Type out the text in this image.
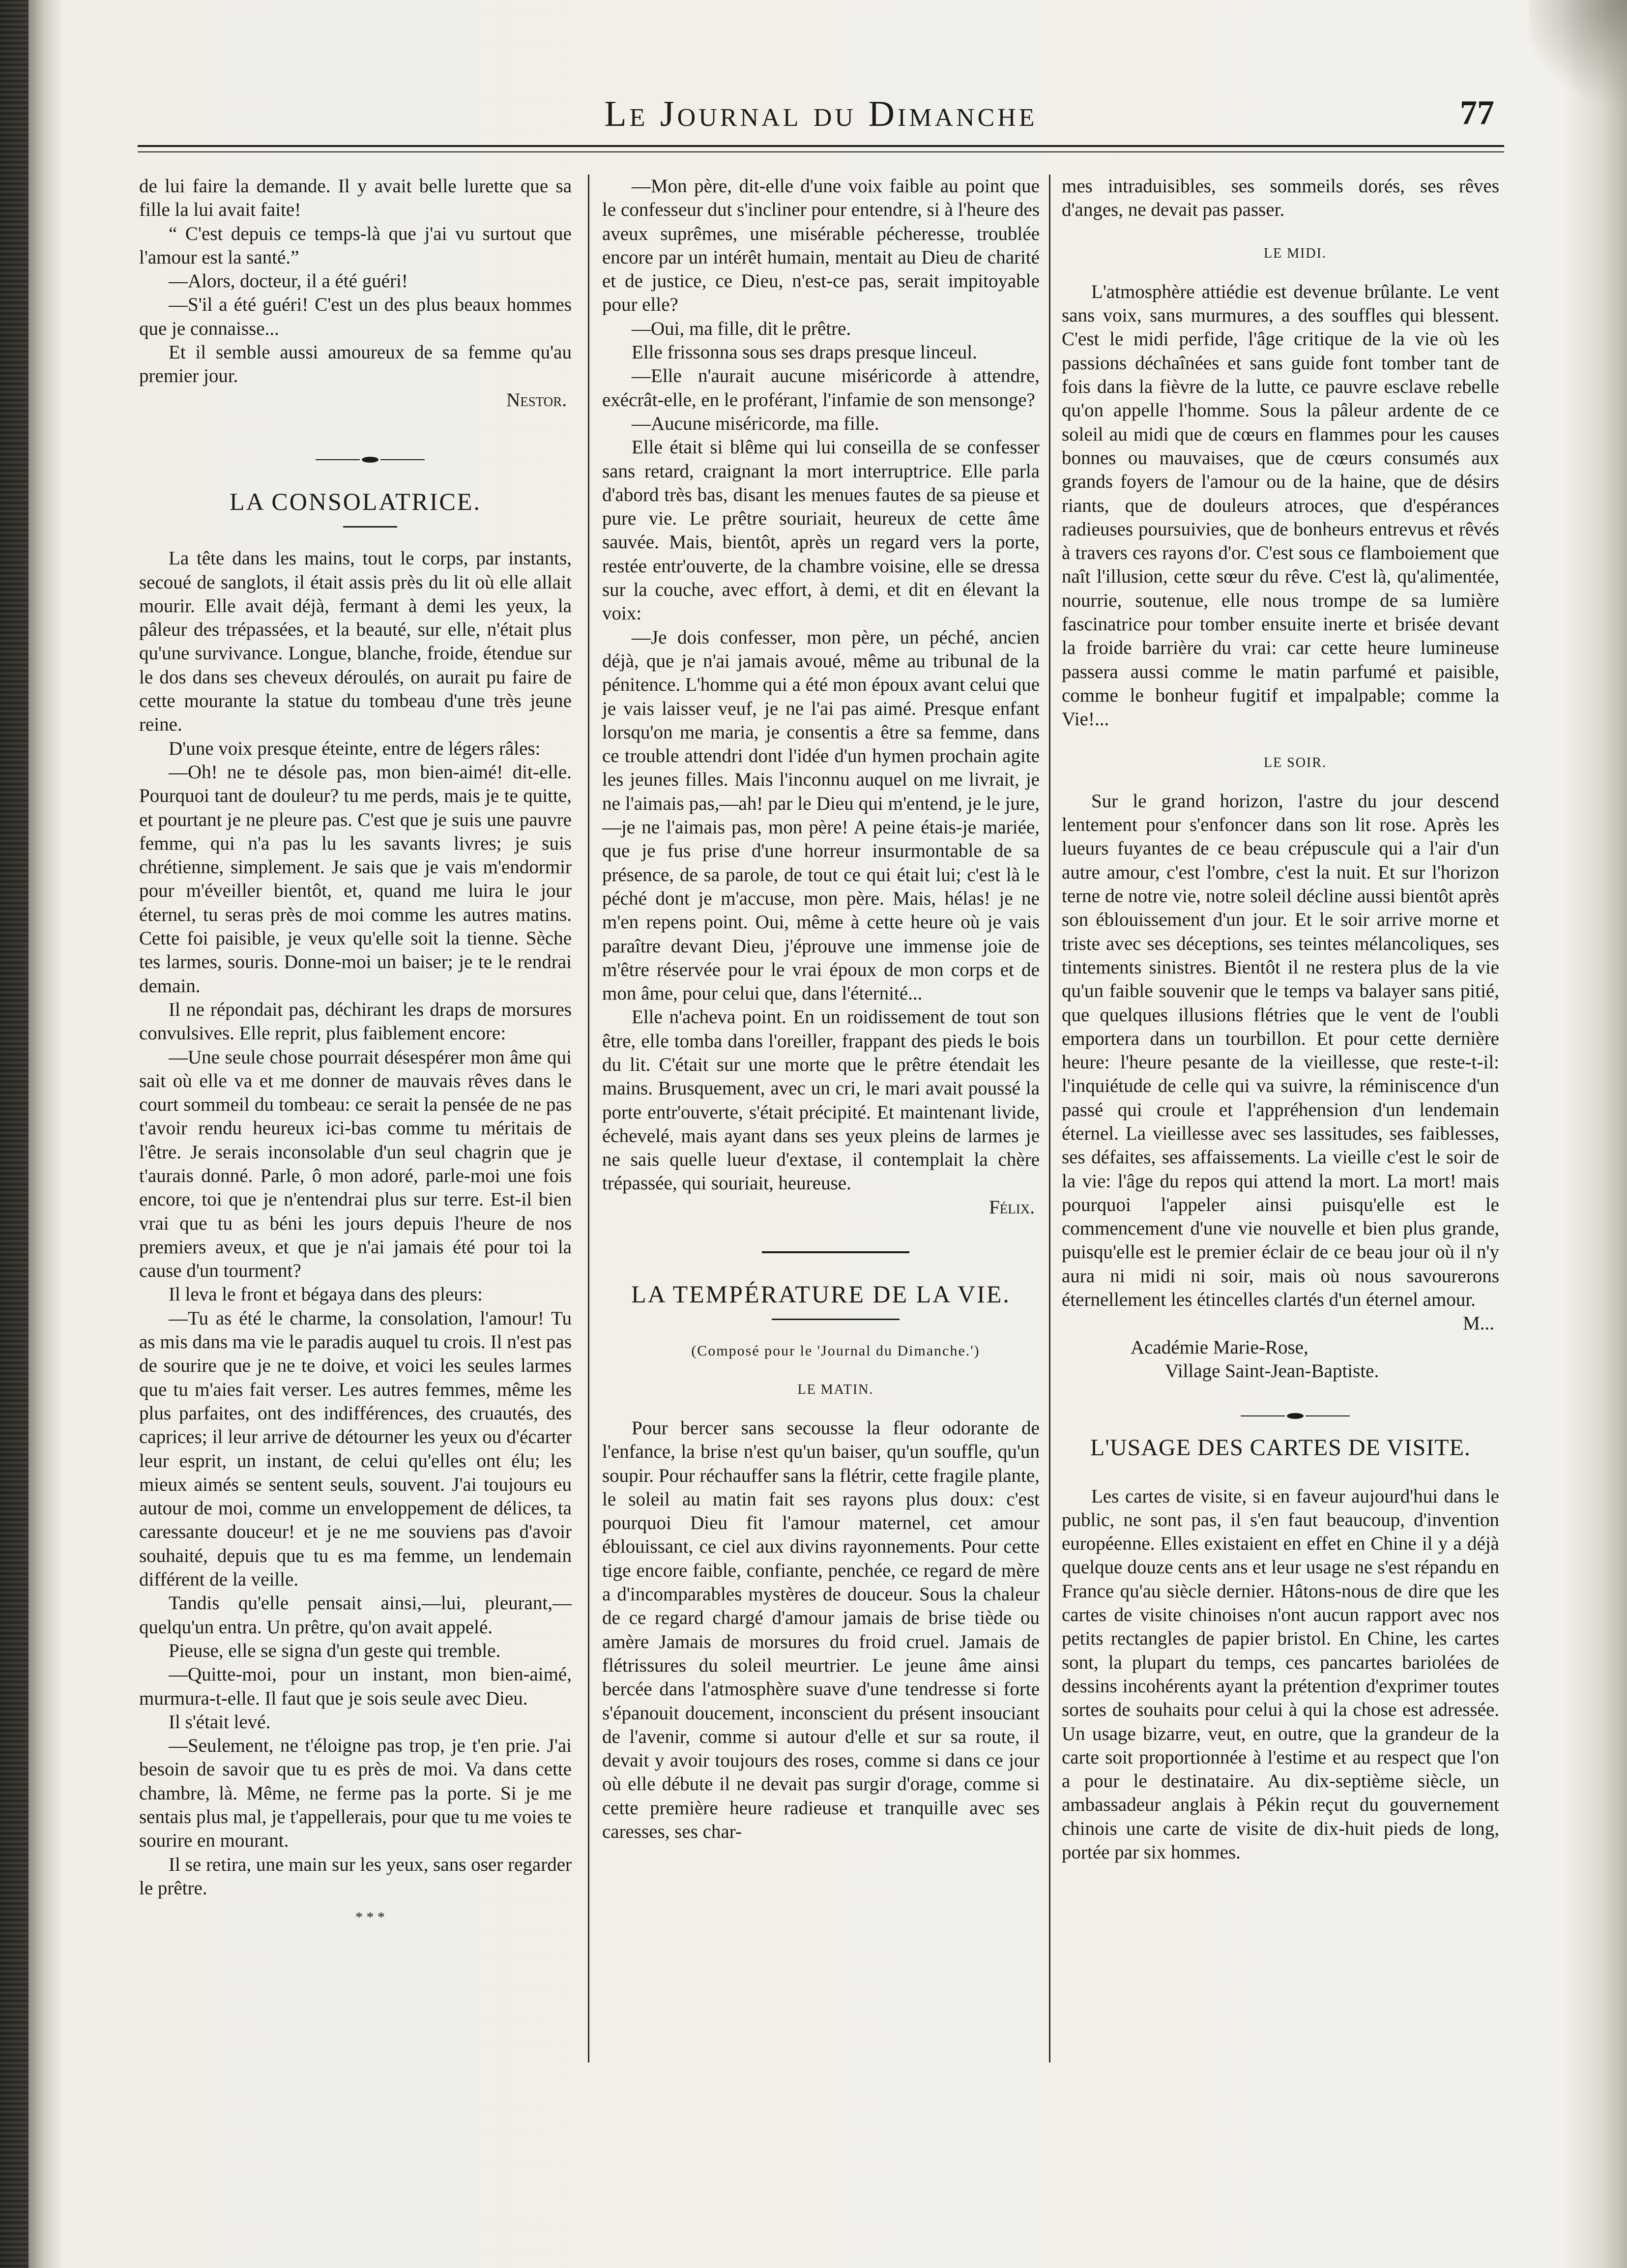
Le Journal du Dimanche	77

de lui faire la demande. Il y avait belle lurette que sa fille la lui avait faite!

“ C'est depuis ce temps-là que j'ai vu surtout que l'amour est la santé.”

—Alors, docteur, il a été guéri!

—S'il a été guéri! C'est un des plus beaux hommes que je connaisse...

Et il semble aussi amoureux de sa femme qu'au premier jour.

Nestor.

LA CONSOLATRICE.

La tête dans les mains, tout le corps, par instants, secoué de sanglots, il était assis près du lit où elle allait mourir. Elle avait déjà, fermant à demi les yeux, la pâleur des trépassées, et la beauté, sur elle, n'était plus qu'une survivance. Longue, blanche, froide, étendue sur le dos dans ses cheveux déroulés, on aurait pu faire de cette mourante la statue du tombeau d'une très jeune reine.

D'une voix presque éteinte, entre de légers râles:

—Oh! ne te désole pas, mon bien-aimé! dit-elle. Pourquoi tant de douleur? tu me perds, mais je te quitte, et pourtant je ne pleure pas. C'est que je suis une pauvre femme, qui n'a pas lu les savants livres; je suis chrétienne, simplement. Je sais que je vais m'endormir pour m'éveiller bientôt, et, quand me luira le jour éternel, tu seras près de moi comme les autres matins. Cette foi paisible, je veux qu'elle soit la tienne. Sèche tes larmes, souris. Donne-moi un baiser; je te le rendrai demain.

Il ne répondait pas, déchirant les draps de morsures convulsives. Elle reprit, plus faiblement encore:

—Une seule chose pourrait désespérer mon âme qui sait où elle va et me donner de mauvais rêves dans le court sommeil du tombeau: ce serait la pensée de ne pas t'avoir rendu heureux ici-bas comme tu méritais de l'être. Je serais inconsolable d'un seul chagrin que je t'aurais donné. Parle, ô mon adoré, parle-moi une fois encore, toi que je n'entendrai plus sur terre. Est-il bien vrai que tu as béni les jours depuis l'heure de nos premiers aveux, et que je n'ai jamais été pour toi la cause d'un tourment?

Il leva le front et bégaya dans des pleurs:

—Tu as été le charme, la consolation, l'amour! Tu as mis dans ma vie le paradis auquel tu crois. Il n'est pas de sourire que je ne te doive, et voici les seules larmes que tu m'aies fait verser. Les autres femmes, même les plus parfaites, ont des indifférences, des cruautés, des caprices; il leur arrive de détourner les yeux ou d'écarter leur esprit, un instant, de celui qu'elles ont élu; les mieux aimés se sentent seuls, souvent. J'ai toujours eu autour de moi, comme un enveloppement de délices, ta caressante douceur! et je ne me souviens pas d'avoir souhaité, depuis que tu es ma femme, un lendemain différent de la veille.

Tandis qu'elle pensait ainsi,—lui, pleurant,—quelqu'un entra. Un prêtre, qu'on avait appelé.

Pieuse, elle se signa d'un geste qui tremble.

—Quitte-moi, pour un instant, mon bien-aimé, murmura-t-elle. Il faut que je sois seule avec Dieu.

Il s'était levé.

—Seulement, ne t'éloigne pas trop, je t'en prie. J'ai besoin de savoir que tu es près de moi. Va dans cette chambre, là. Même, ne ferme pas la porte. Si je me sentais plus mal, je t'appellerais, pour que tu me voies te sourire en mourant.

Il se retira, une main sur les yeux, sans oser regarder le prêtre.

* * *

—Mon père, dit-elle d'une voix faible au point que le confesseur dut s'incliner pour entendre, si à l'heure des aveux suprêmes, une misérable pécheresse, troublée encore par un intérêt humain, mentait au Dieu de charité et de justice, ce Dieu, n'est-ce pas, serait impitoyable pour elle?

—Oui, ma fille, dit le prêtre.

Elle frissonna sous ses draps presque linceul.

—Elle n'aurait aucune miséricorde à attendre, exécrât-elle, en le proférant, l'infamie de son mensonge?

—Aucune miséricorde, ma fille.

Elle était si blême qui lui conseilla de se confesser sans retard, craignant la mort interruptrice. Elle parla d'abord très bas, disant les menues fautes de sa pieuse et pure vie. Le prêtre souriait, heureux de cette âme sauvée. Mais, bientôt, après un regard vers la porte, restée entr'ouverte, de la chambre voisine, elle se dressa sur la couche, avec effort, à demi, et dit en élevant la voix:

—Je dois confesser, mon père, un péché, ancien déjà, que je n'ai jamais avoué, même au tribunal de la pénitence. L'homme qui a été mon époux avant celui que je vais laisser veuf, je ne l'ai pas aimé. Presque enfant lorsqu'on me maria, je consentis a être sa femme, dans ce trouble attendri dont l'idée d'un hymen prochain agite les jeunes filles. Mais l'inconnu auquel on me livrait, je ne l'aimais pas,—ah! par le Dieu qui m'entend, je le jure,—je ne l'aimais pas, mon père! A peine étais-je mariée, que je fus prise d'une horreur insurmontable de sa présence, de sa parole, de tout ce qui était lui; c'est là le péché dont je m'accuse, mon père. Mais, hélas! je ne m'en repens point. Oui, même à cette heure où je vais paraître devant Dieu, j'éprouve une immense joie de m'être réservée pour le vrai époux de mon corps et de mon âme, pour celui que, dans l'éternité...

Elle n'acheva point. En un roidissement de tout son être, elle tomba dans l'oreiller, frappant des pieds le bois du lit. C'était sur une morte que le prêtre étendait les mains. Brusquement, avec un cri, le mari avait poussé la porte entr'ouverte, s'était précipité. Et maintenant livide, échevelé, mais ayant dans ses yeux pleins de larmes je ne sais quelle lueur d'extase, il contemplait la chère trépassée, qui souriait, heureuse.

Félix.

LA TEMPÉRATURE DE LA VIE.

(Composé pour le 'Journal du Dimanche.')

LE MATIN.

Pour bercer sans secousse la fleur odorante de l'enfance, la brise n'est qu'un baiser, qu'un souffle, qu'un soupir. Pour réchauffer sans la flétrir, cette fragile plante, le soleil au matin fait ses rayons plus doux: c'est pourquoi Dieu fit l'amour maternel, cet amour éblouissant, ce ciel aux divins rayonnements. Pour cette tige encore faible, confiante, penchée, ce regard de mère a d'incomparables mystères de douceur. Sous la chaleur de ce regard chargé d'amour jamais de brise tiède ou amère Jamais de morsures du froid cruel. Jamais de flétrissures du soleil meurtrier. Le jeune âme ainsi bercée dans l'atmosphère suave d'une tendresse si forte s'épanouit doucement, inconscient du présent insouciant de l'avenir, comme si autour d'elle et sur sa route, il devait y avoir toujours des roses, comme si dans ce jour où elle débute il ne devait pas surgir d'orage, comme si cette première heure radieuse et tranquille avec ses caresses, ses char-

mes intraduisibles, ses sommeils dorés, ses rêves d'anges, ne devait pas passer.

LE MIDI.

L'atmosphère attiédie est devenue brûlante. Le vent sans voix, sans murmures, a des souffles qui blessent. C'est le midi perfide, l'âge critique de la vie où les passions déchaînées et sans guide font tomber tant de fois dans la fièvre de la lutte, ce pauvre esclave rebelle qu'on appelle l'homme. Sous la pâleur ardente de ce soleil au midi que de cœurs en flammes pour les causes bonnes ou mauvaises, que de cœurs consumés aux grands foyers de l'amour ou de la haine, que de désirs riants, que de douleurs atroces, que d'espérances radieuses poursuivies, que de bonheurs entrevus et rêvés à travers ces rayons d'or. C'est sous ce flamboiement que naît l'illusion, cette sœur du rêve. C'est là, qu'alimentée, nourrie, soutenue, elle nous trompe de sa lumière fascinatrice pour tomber ensuite inerte et brisée devant la froide barrière du vrai: car cette heure lumineuse passera aussi comme le matin parfumé et paisible, comme le bonheur fugitif et impalpable; comme la Vie!...

LE SOIR.

Sur le grand horizon, l'astre du jour descend lentement pour s'enfoncer dans son lit rose. Après les lueurs fuyantes de ce beau crépuscule qui a l'air d'un autre amour, c'est l'ombre, c'est la nuit. Et sur l'horizon terne de notre vie, notre soleil décline aussi bientôt après son éblouissement d'un jour. Et le soir arrive morne et triste avec ses déceptions, ses teintes mélancoliques, ses tintements sinistres. Bientôt il ne restera plus de la vie qu'un faible souvenir que le temps va balayer sans pitié, que quelques illusions flétries que le vent de l'oubli emportera dans un tourbillon. Et pour cette dernière heure: l'heure pesante de la vieillesse, que reste-t-il: l'inquiétude de celle qui va suivre, la réminiscence d'un passé qui croule et l'appréhension d'un lendemain éternel. La vieillesse avec ses lassitudes, ses faiblesses, ses défaites, ses affaissements. La vieille c'est le soir de la vie: l'âge du repos qui attend la mort. La mort! mais pourquoi l'appeler ainsi puisqu'elle est le commencement d'une vie nouvelle et bien plus grande, puisqu'elle est le premier éclair de ce beau jour où il n'y aura ni midi ni soir, mais où nous savourerons éternellement les étincelles clartés d'un éternel amour.

M...

Académie Marie-Rose,

Village Saint-Jean-Baptiste.

L'USAGE DES CARTES DE VISITE.

Les cartes de visite, si en faveur aujourd'hui dans le public, ne sont pas, il s'en faut beaucoup, d'invention européenne. Elles existaient en effet en Chine il y a déjà quelque douze cents ans et leur usage ne s'est répandu en France qu'au siècle dernier. Hâtons-nous de dire que les cartes de visite chinoises n'ont aucun rapport avec nos petits rectangles de papier bristol. En Chine, les cartes sont, la plupart du temps, ces pancartes bariolées de dessins incohérents ayant la prétention d'exprimer toutes sortes de souhaits pour celui à qui la chose est adressée. Un usage bizarre, veut, en outre, que la grandeur de la carte soit proportionnée à l'estime et au respect que l'on a pour le destinataire. Au dix-septième siècle, un ambassadeur anglais à Pékin reçut du gouvernement chinois une carte de visite de dix-huit pieds de long, portée par six hommes.
